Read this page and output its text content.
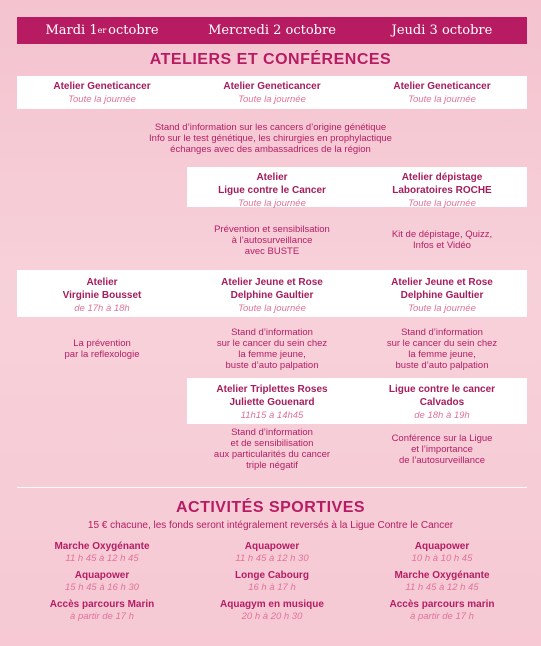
Mardi 1 er octobre	Mercredi 2 octobre	Jeudi 3 octobre
ATELIERS ET CONFÉRENCES
Atelier Geneticancer
Toute la journée
Atelier Geneticancer
Toute la journée
Atelier Geneticancer
Toute la journée
Stand d’information sur les cancers d’origine génétique
Info sur le test génétique, les chirurgies en prophylactique
échanges avec des ambassadrices de la région
Atelier
Ligue contre le Cancer
Toute la journée
Atelier dépistage
Laboratoires ROCHE
Toute la journée
Prévention et sensibilsation
à l’autosurveillance
avec BUSTE
Kit de dépistage, Quizz,
Infos et Vidéo
Atelier
Virginie Bousset
de 17h à 18h
Atelier Jeune et Rose
Delphine Gaultier
Toute la journée
Atelier Jeune et Rose
Delphine Gaultier
Toute la journée
La prévention
par la reflexologie
Stand d’information
sur le cancer du sein chez
la femme jeune,
buste d’auto palpation
Stand d’information
sur le cancer du sein chez
la femme jeune,
buste d’auto palpation
Atelier Triplettes Roses
Juliette Gouenard
11h15 à 14h45
Ligue contre le cancer
Calvados
de 18h à 19h
Stand d’information
et de sensibilisation
aux particularités du cancer
triple négatif
Conférence sur la Ligue
et l’importance
de l’autosurveillance
ACTIVITÉS SPORTIVES
15 € chacune, les fonds seront intégralement reversés à la Ligue Contre le Cancer
Marche Oxygénante
11 h 45 à 12 h 45
Aquapower
15 h 45 à 16 h 30
Accès parcours Marin
à partir de 17 h
Aquapower
11 h 45 à 12 h 30
Longe Cabourg
16 h à 17 h
Aquagym en musique
20 h à 20 h 30
Aquapower
10 h à 10 h 45
Marche Oxygénante
11 h 45 à 12 h 45
Accès parcours marin
à partir de 17 h
